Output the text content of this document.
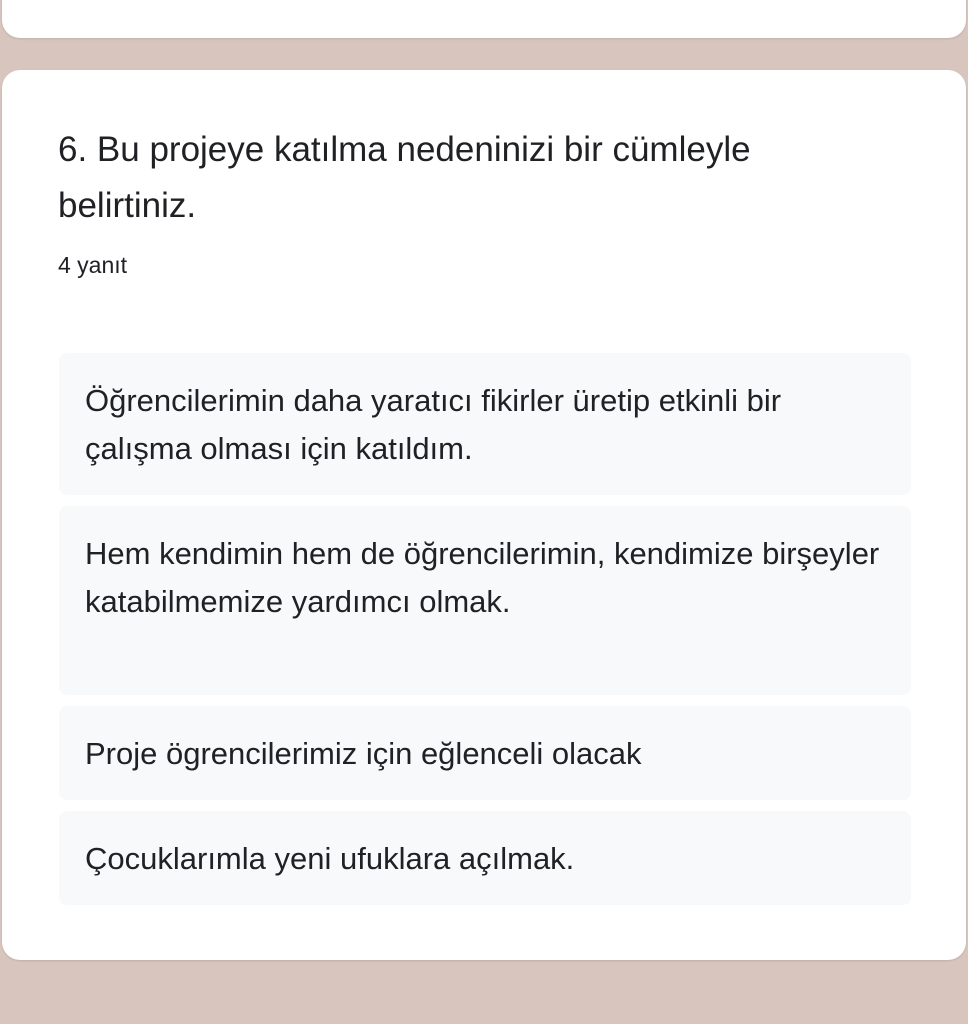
6. Bu projeye katılma nedeninizi bir cümleyle belirtiniz.
4 yanıt
Öğrencilerimin daha yaratıcı fikirler üretip etkinli bir çalışma olması için katıldım.
Hem kendimin hem de öğrencilerimin, kendimize birşeyler katabilmemize yardımcı olmak.
Proje ögrencilerimiz için eğlenceli olacak
Çocuklarımla yeni ufuklara açılmak.
